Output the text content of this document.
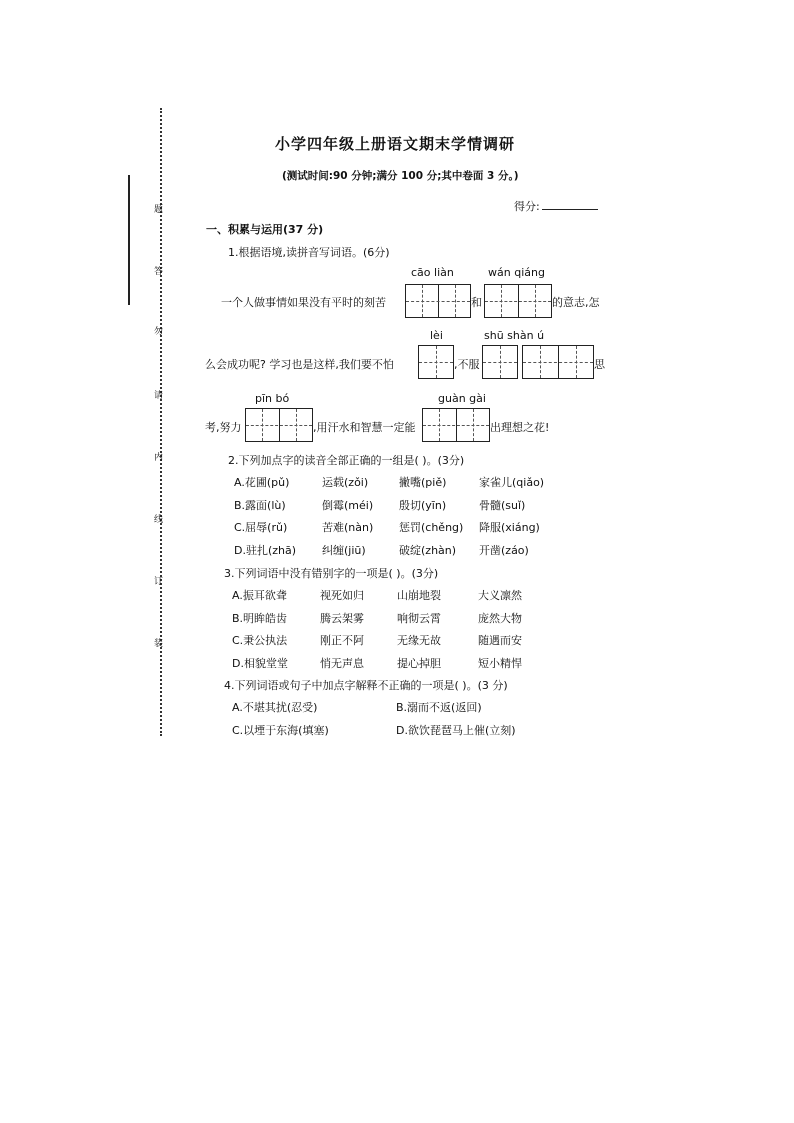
题
答
勿
请
内
线
订
装
小学四年级上册语文期末学情调研
(测试时间:90 分钟;满分 100 分;其中卷面 3 分。)
得分:
一、积累与运用(37 分)
1.根据语境,读拼音写词语。(6分)
cāo liàn	wán qiáng
一个人做事情如果没有平时的刻苦	和	的意志,怎
lèi	shū shàn ú
么会成功呢? 学习也是这样,我们要不怕	,不服	思
pīn bó	guàn gài
考,努力	,用汗水和智慧一定能	出理想之花!
2.下列加点字的读音全部正确的一组是( )。(3分)
A.花圃(pǔ)	运载(zǒi)	撇嘴(piě)	家雀儿(qiǎo)
B.露面(lù)	倒霉(méi) 殷切(yīn)	骨髓(suǐ)
C.屈辱(rǔ)	苦难(nàn) 惩罚(chěng) 降服(xiáng)
D.驻扎(zhā) 纠缠(jiū)	破绽(zhàn) 开凿(záo)
3.下列词语中没有错别字的一项是( )。(3分)
A.振耳欲聋	视死如归	山崩地裂	大义凛然
B.明眸皓齿	腾云架雾	响彻云霄	庞然大物
C.秉公执法	刚正不阿	无缘无故	随遇而安
D.相貌堂堂	悄无声息	提心掉胆	短小精悍
4.下列词语或句子中加点字解释不正确的一项是( )。(3 分)
A.不堪其扰(忍受)	B.溺而不返(返回)
C.以堙于东海(填塞)	D.欲饮琵琶马上催(立刻)
